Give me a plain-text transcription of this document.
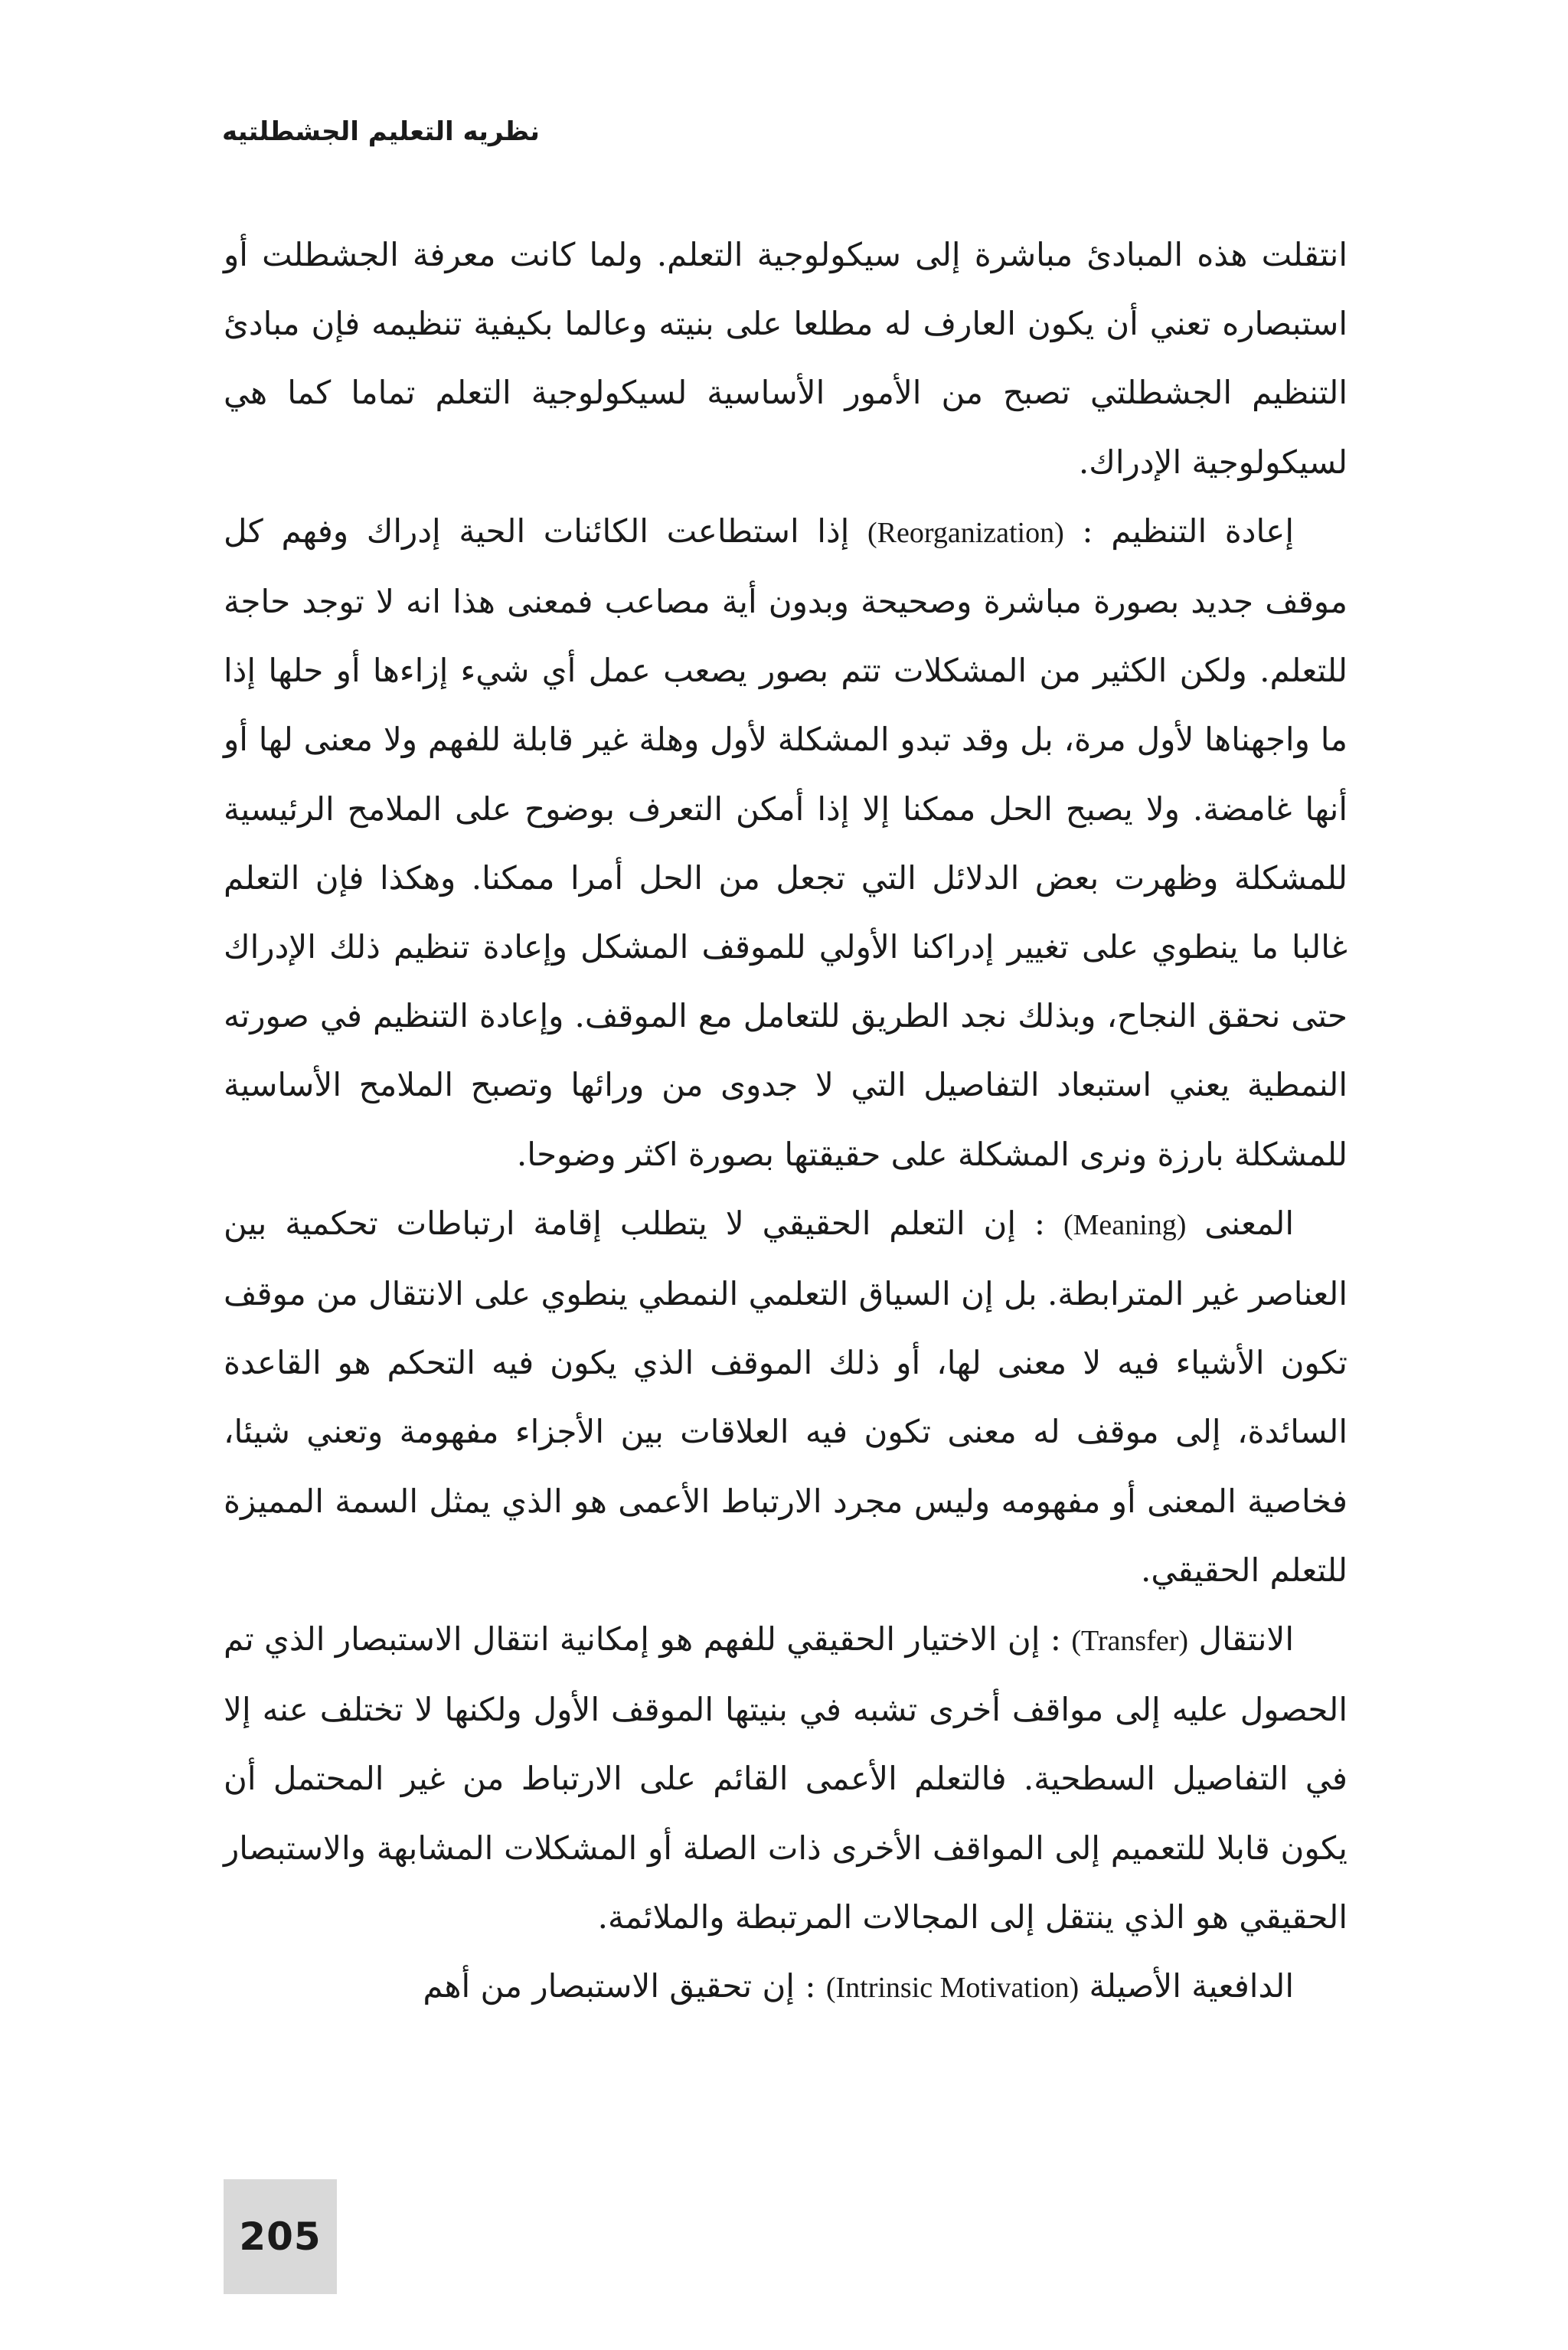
نظريه التعليم الجشطلتيه

انتقلت هذه المبادئ مباشرة إلى سيكولوجية التعلم. ولما كانت معرفة الجشطلت أو استبصاره تعني أن يكون العارف له مطلعا على بنيته وعالما بكيفية تنظيمه فإن مبادئ التنظيم الجشطلتي تصبح من الأمور الأساسية لسيكولوجية التعلم تماما كما هي لسيكولوجية الإدراك.

إعادة التنظيم : (Reorganization) إذا استطاعت الكائنات الحية إدراك وفهم كل موقف جديد بصورة مباشرة وصحيحة وبدون أية مصاعب فمعنى هذا انه لا توجد حاجة للتعلم. ولكن الكثير من المشكلات تتم بصور يصعب عمل أي شيء إزاءها أو حلها إذا ما واجهناها لأول مرة، بل وقد تبدو المشكلة لأول وهلة غير قابلة للفهم ولا معنى لها أو أنها غامضة. ولا يصبح الحل ممكنا إلا إذا أمكن التعرف بوضوح على الملامح الرئيسية للمشكلة وظهرت بعض الدلائل التي تجعل من الحل أمرا ممكنا. وهكذا فإن التعلم غالبا ما ينطوي على تغيير إدراكنا الأولي للموقف المشكل وإعادة تنظيم ذلك الإدراك حتى نحقق النجاح، وبذلك نجد الطريق للتعامل مع الموقف. وإعادة التنظيم في صورته النمطية يعني استبعاد التفاصيل التي لا جدوى من ورائها وتصبح الملامح الأساسية للمشكلة بارزة ونرى المشكلة على حقيقتها بصورة اكثر وضوحا.

المعنى (Meaning) : إن التعلم الحقيقي لا يتطلب إقامة ارتباطات تحكمية بين العناصر غير المترابطة. بل إن السياق التعلمي النمطي ينطوي على الانتقال من موقف تكون الأشياء فيه لا معنى لها، أو ذلك الموقف الذي يكون فيه التحكم هو القاعدة السائدة، إلى موقف له معنى تكون فيه العلاقات بين الأجزاء مفهومة وتعني شيئا، فخاصية المعنى أو مفهومه وليس مجرد الارتباط الأعمى هو الذي يمثل السمة المميزة للتعلم الحقيقي.

الانتقال (Transfer) : إن الاختيار الحقيقي للفهم هو إمكانية انتقال الاستبصار الذي تم الحصول عليه إلى مواقف أخرى تشبه في بنيتها الموقف الأول ولكنها لا تختلف عنه إلا في التفاصيل السطحية. فالتعلم الأعمى القائم على الارتباط من غير المحتمل أن يكون قابلا للتعميم إلى المواقف الأخرى ذات الصلة أو المشكلات المشابهة والاستبصار الحقيقي هو الذي ينتقل إلى المجالات المرتبطة والملائمة.

الدافعية الأصيلة (Intrinsic Motivation) : إن تحقيق الاستبصار من أهم

205
